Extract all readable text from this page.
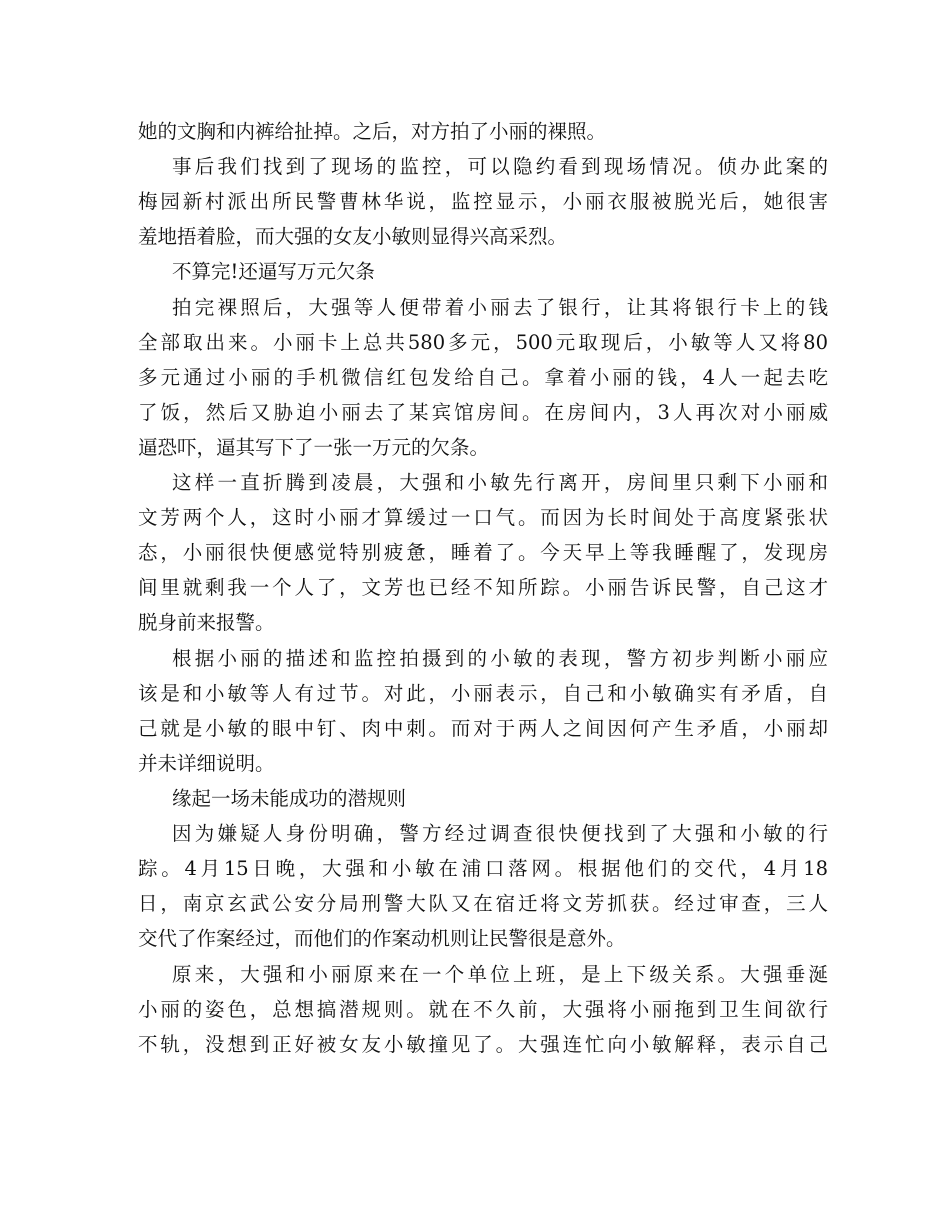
她的文胸和内裤给扯掉。之后，对方拍了小丽的裸照。
事后我们找到了现场的监控，可以隐约看到现场情况。侦办此案的
梅园新村派出所民警曹林华说，监控显示，小丽衣服被脱光后，她很害
羞地捂着脸，而大强的女友小敏则显得兴高采烈。
不算完!还逼写万元欠条
拍完裸照后，大强等人便带着小丽去了银行，让其将银行卡上的钱
全部取出来。小丽卡上总共580多元，500元取现后，小敏等人又将80
多元通过小丽的手机微信红包发给自己。拿着小丽的钱，4人一起去吃
了饭，然后又胁迫小丽去了某宾馆房间。在房间内，3人再次对小丽威
逼恐吓，逼其写下了一张一万元的欠条。
这样一直折腾到凌晨，大强和小敏先行离开，房间里只剩下小丽和
文芳两个人，这时小丽才算缓过一口气。而因为长时间处于高度紧张状
态，小丽很快便感觉特别疲惫，睡着了。今天早上等我睡醒了，发现房
间里就剩我一个人了，文芳也已经不知所踪。小丽告诉民警，自己这才
脱身前来报警。
根据小丽的描述和监控拍摄到的小敏的表现，警方初步判断小丽应
该是和小敏等人有过节。对此，小丽表示，自己和小敏确实有矛盾，自
己就是小敏的眼中钉、肉中刺。而对于两人之间因何产生矛盾，小丽却
并未详细说明。
缘起一场未能成功的潜规则
因为嫌疑人身份明确，警方经过调查很快便找到了大强和小敏的行
踪。4月15日晚，大强和小敏在浦口落网。根据他们的交代，4月18
日，南京玄武公安分局刑警大队又在宿迁将文芳抓获。经过审查，三人
交代了作案经过，而他们的作案动机则让民警很是意外。
原来，大强和小丽原来在一个单位上班，是上下级关系。大强垂涎
小丽的姿色，总想搞潜规则。就在不久前，大强将小丽拖到卫生间欲行
不轨，没想到正好被女友小敏撞见了。大强连忙向小敏解释，表示自己
